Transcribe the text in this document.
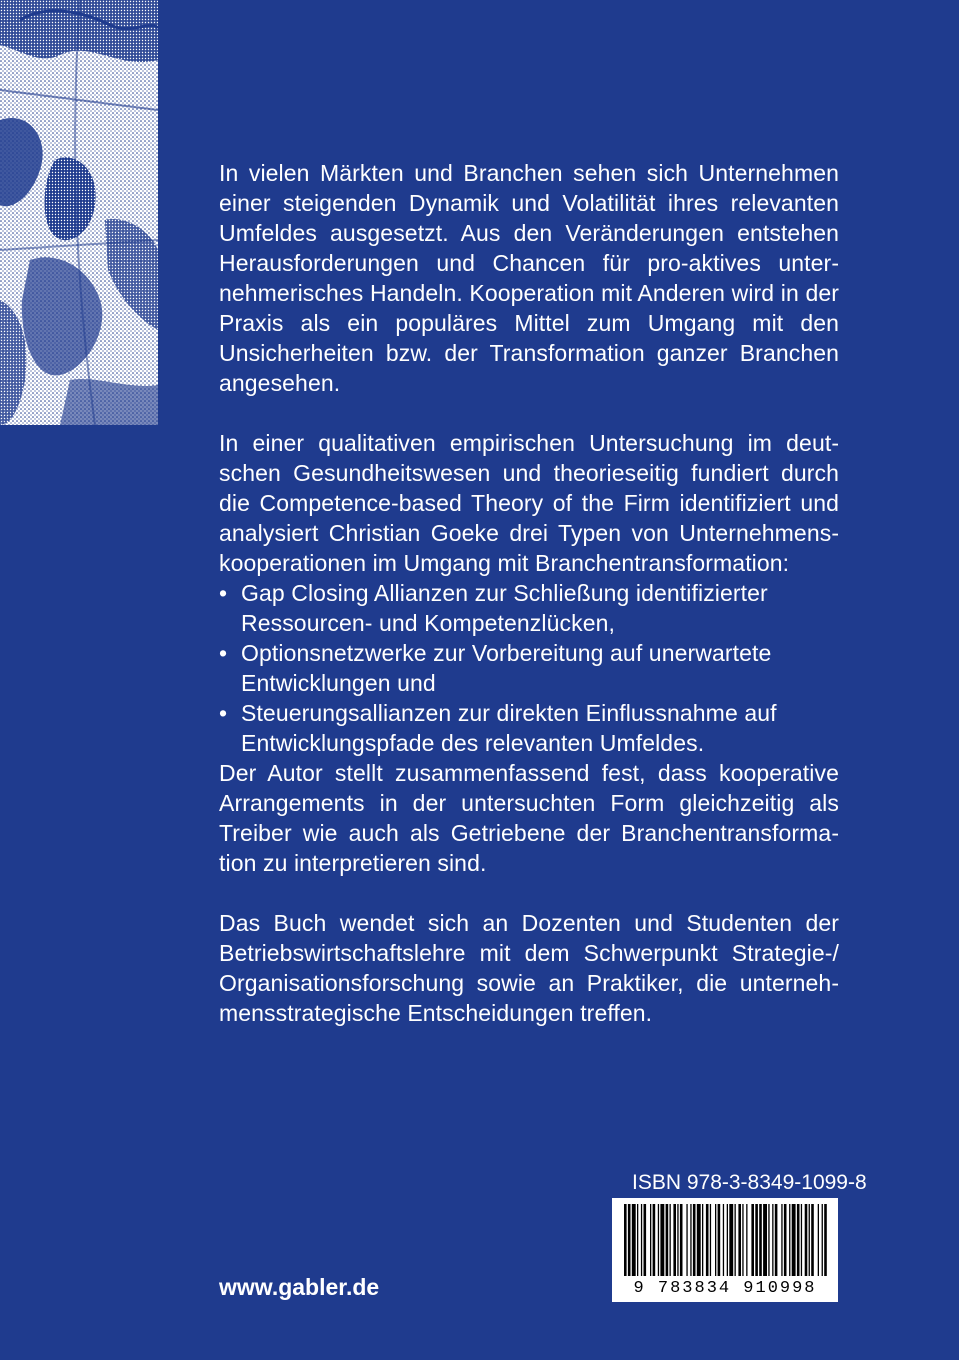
In vielen Märkten und Branchen sehen sich Unternehmen einer steigenden Dynamik und Volatilität ihres relevanten Umfeldes ausgesetzt. Aus den Veränderungen entstehen Herausforderungen und Chancen für pro-aktives unternehmerisches Handeln. Kooperation mit Anderen wird in der Praxis als ein populäres Mittel zum Umgang mit den Unsicherheiten bzw. der Transformation ganzer Branchen angesehen.

In einer qualitativen empirischen Untersuchung im deutschen Gesundheitswesen und theorieseitig fundiert durch die Competence-based Theory of the Firm identifiziert und analysiert Christian Goeke drei Typen von Unternehmenskooperationen im Umgang mit Branchentransformation:

• Gap Closing Allianzen zur Schließung identifizierter Ressourcen- und Kompetenzlücken,
• Optionsnetzwerke zur Vorbereitung auf unerwartete Entwicklungen und
• Steuerungsallianzen zur direkten Einflussnahme auf Entwicklungspfade des relevanten Umfeldes.

Der Autor stellt zusammenfassend fest, dass kooperative Arrangements in der untersuchten Form gleichzeitig als Treiber wie auch als Getriebene der Branchentransformation zu interpretieren sind.

Das Buch wendet sich an Dozenten und Studenten der Betriebswirtschaftslehre mit dem Schwerpunkt Strategie-/ Organisationsforschung sowie an Praktiker, die unternehmensstrategische Entscheidungen treffen.

ISBN 978-3-8349-1099-8
9 783834 910998
www.gabler.de
